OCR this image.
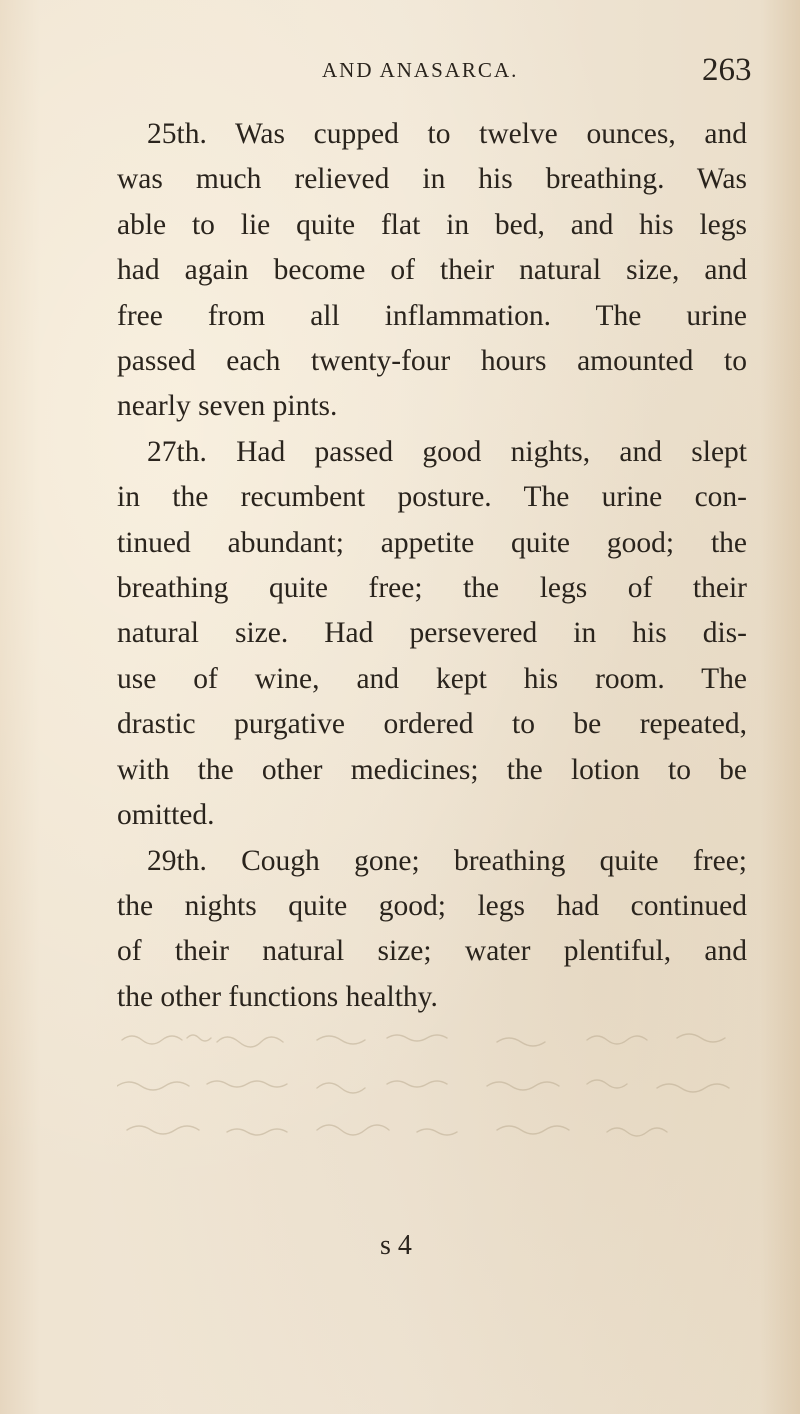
AND ANASARCA.	263
25th. Was cupped to twelve ounces, and
was much relieved in his breathing. Was
able to lie quite flat in bed, and his legs
had again become of their natural size, and
free from all inflammation. The urine
passed each twenty-four hours amounted to
nearly seven pints.
27th. Had passed good nights, and slept
in the recumbent posture. The urine con-
tinued abundant; appetite quite good; the
breathing quite free; the legs of their
natural size. Had persevered in his dis-
use of wine, and kept his room. The
drastic purgative ordered to be repeated,
with the other medicines; the lotion to be
omitted.
29th. Cough gone; breathing quite free;
the nights quite good; legs had continued
of their natural size; water plentiful, and
the other functions healthy.
s 4
